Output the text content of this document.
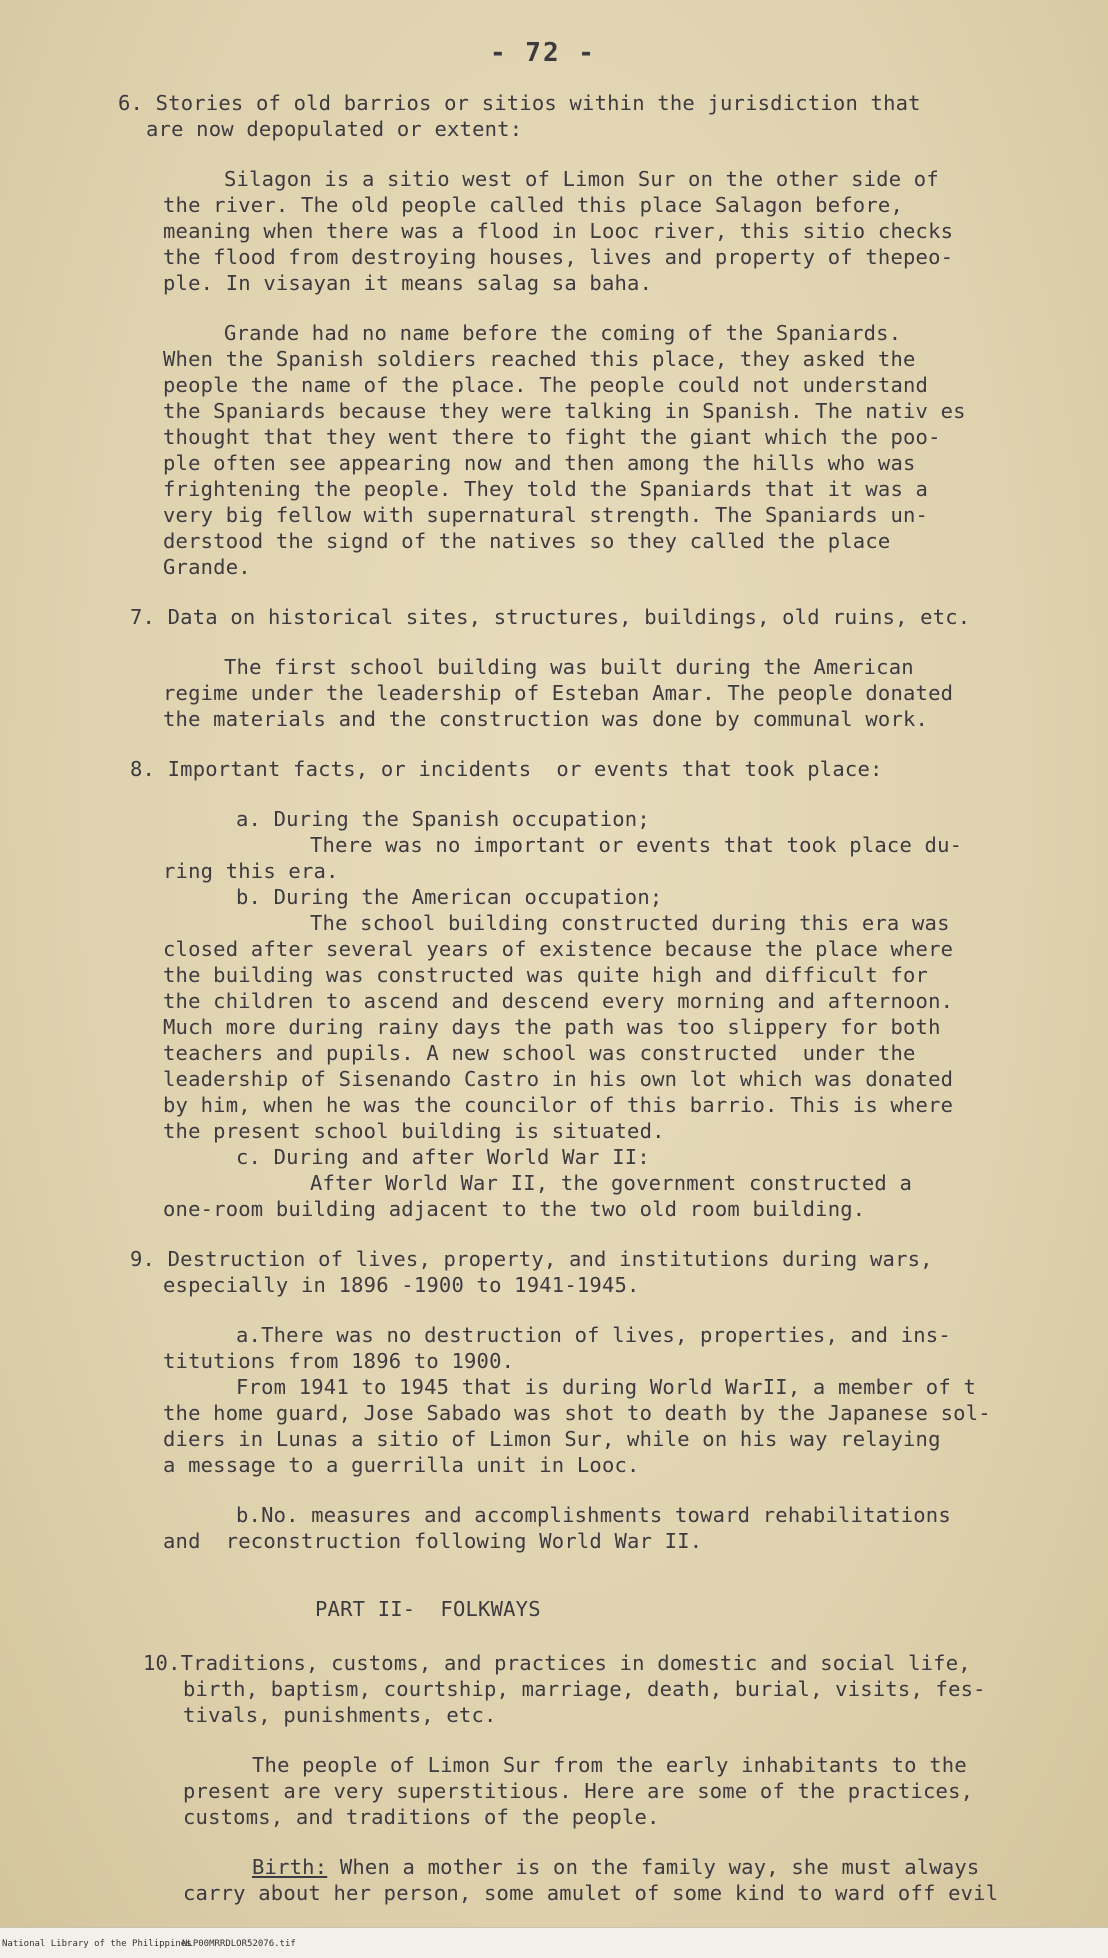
- 72 -
6. Stories of old barrios or sitios within the jurisdiction that
are now depopulated or extent:
Silagon is a sitio west of Limon Sur on the other side of
the river. The old people called this place Salagon before,
meaning when there was a flood in Looc river, this sitio checks
the flood from destroying houses, lives and property of thepeo-
ple. In visayan it means salag sa baha.
Grande had no name before the coming of the Spaniards.
When the Spanish soldiers reached this place, they asked the
people the name of the place. The people could not understand
the Spaniards because they were talking in Spanish. The nativ es
thought that they went there to fight the giant which the poo-
ple often see appearing now and then among the hills who was
frightening the people. They told the Spaniards that it was a
very big fellow with supernatural strength. The Spaniards un-
derstood the signd of the natives so they called the place
Grande.
7. Data on historical sites, structures, buildings, old ruins, etc.
The first school building was built during the American
regime under the leadership of Esteban Amar. The people donated
the materials and the construction was done by communal work.
8. Important facts, or incidents  or events that took place:
a. During the Spanish occupation;
There was no important or events that took place du-
ring this era.
b. During the American occupation;
The school building constructed during this era was
closed after several years of existence because the place where
the building was constructed was quite high and difficult for
the children to ascend and descend every morning and afternoon.
Much more during rainy days the path was too slippery for both
teachers and pupils. A new school was constructed  under the
leadership of Sisenando Castro in his own lot which was donated
by him, when he was the councilor of this barrio. This is where
the present school building is situated.
c. During and after World War II:
After World War II, the government constructed a
one-room building adjacent to the two old room building.
9. Destruction of lives, property, and institutions during wars,
especially in 1896 -1900 to 1941-1945.
a.There was no destruction of lives, properties, and ins-
titutions from 1896 to 1900.
From 1941 to 1945 that is during World WarII, a member of t
the home guard, Jose Sabado was shot to death by the Japanese sol-
diers in Lunas a sitio of Limon Sur, while on his way relaying
a message to a guerrilla unit in Looc.
b.No. measures and accomplishments toward rehabilitations
and  reconstruction following World War II.
PART II-  FOLKWAYS
10.Traditions, customs, and practices in domestic and social life,
birth, baptism, courtship, marriage, death, burial, visits, fes-
tivals, punishments, etc.
The people of Limon Sur from the early inhabitants to the
present are very superstitious. Here are some of the practices,
customs, and traditions of the people.
Birth: When a mother is on the family way, she must always
carry about her person, some amulet of some kind to ward off evil
National Library of the Philippines
NLP00MRRDLOR52076.tif
